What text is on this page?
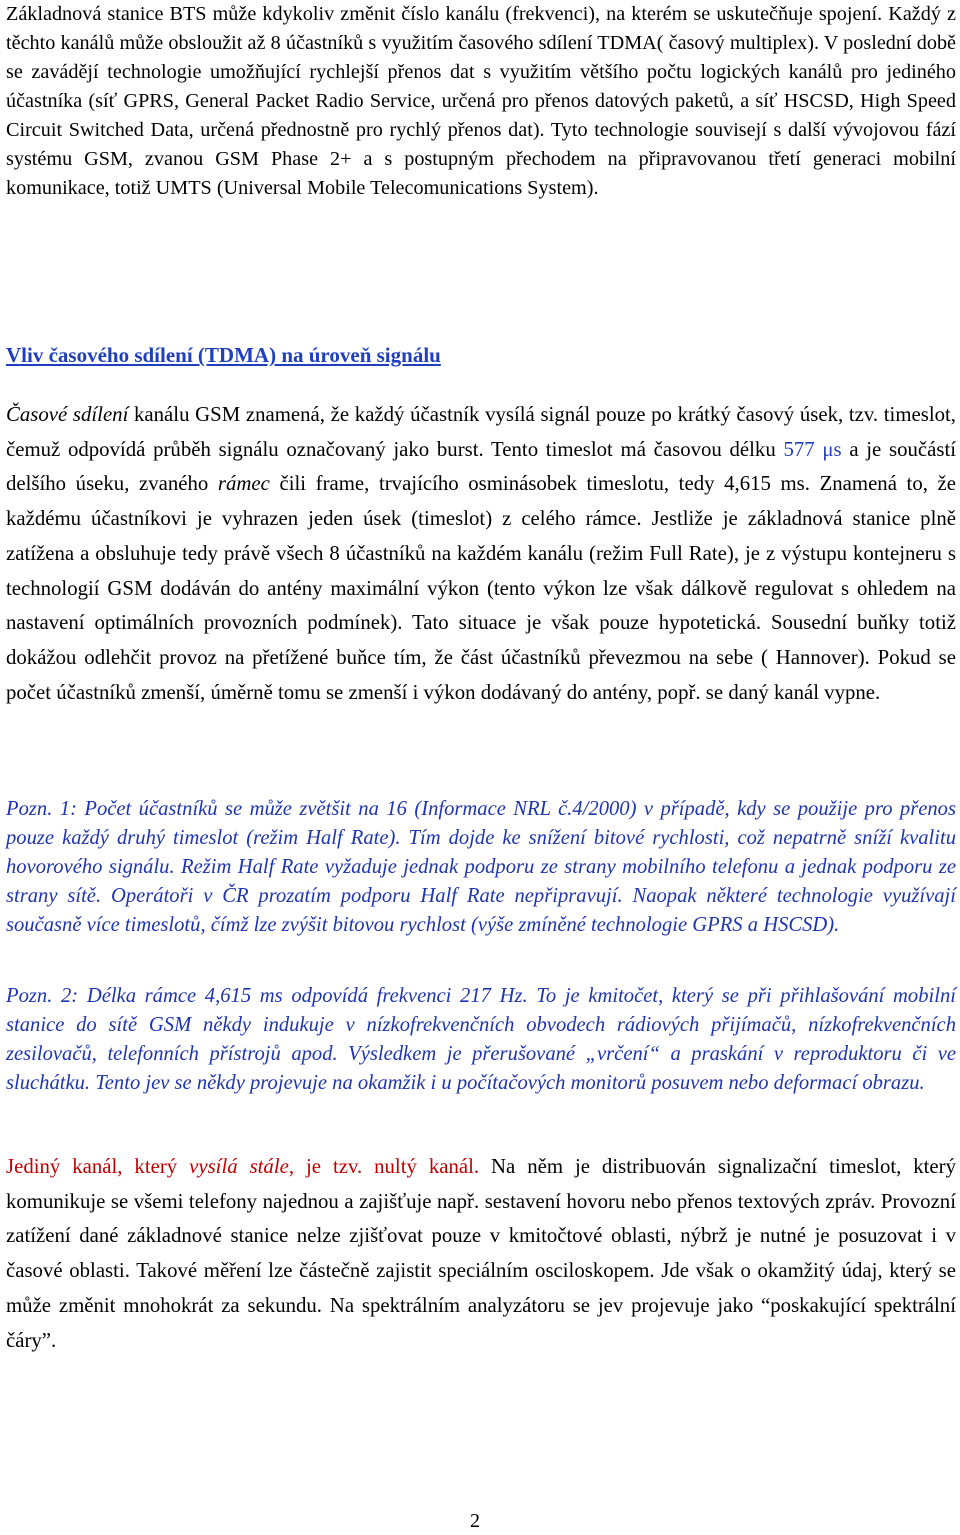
Základnová stanice BTS může kdykoliv změnit číslo kanálu (frekvenci), na kterém se uskutečňuje spojení. Každý z těchto kanálů může obsloužit až 8 účastníků s využitím časového sdílení TDMA( časový multiplex). V poslední době se zavádějí technologie umožňující rychlejší přenos dat s využitím většího počtu logických kanálů pro jediného účastníka (síť GPRS, General Packet Radio Service, určená pro přenos datových paketů, a síť HSCSD, High Speed Circuit Switched Data, určená přednostně pro rychlý přenos dat). Tyto technologie souvisejí s další vývojovou fází systému GSM, zvanou GSM Phase 2+ a s postupným přechodem na připravovanou třetí generaci mobilní komunikace, totiž UMTS (Universal Mobile Telecomunications System).

Vliv časového sdílení (TDMA) na úroveň signálu

Časové sdílení kanálu GSM znamená, že každý účastník vysílá signál pouze po krátký časový úsek, tzv. timeslot, čemuž odpovídá průběh signálu označovaný jako burst. Tento timeslot má časovou délku 577 μs a je součástí delšího úseku, zvaného rámec čili frame, trvajícího osminásobek timeslotu, tedy 4,615 ms. Znamená to, že každému účastníkovi je vyhrazen jeden úsek (timeslot) z celého rámce. Jestliže je základnová stanice plně zatížena a obsluhuje tedy právě všech 8 účastníků na každém kanálu (režim Full Rate), je z výstupu kontejneru s technologií GSM dodáván do antény maximální výkon (tento výkon lze však dálkově regulovat s ohledem na nastavení optimálních provozních podmínek). Tato situace je však pouze hypotetická. Sousední buňky totiž dokážou odlehčit provoz na přetížené buňce tím, že část účastníků převezmou na sebe ( Hannover). Pokud se počet účastníků zmenší, úměrně tomu se zmenší i výkon dodávaný do antény, popř. se daný kanál vypne.

Pozn. 1: Počet účastníků se může zvětšit na 16 (Informace NRL č.4/2000) v případě, kdy se použije pro přenos pouze každý druhý timeslot (režim Half Rate). Tím dojde ke snížení bitové rychlosti, což nepatrně sníží kvalitu hovorového signálu. Režim Half Rate vyžaduje jednak podporu ze strany mobilního telefonu a jednak podporu ze strany sítě. Operátoři v ČR prozatím podporu Half Rate nepřipravují. Naopak některé technologie využívají současně více timeslotů, čímž lze zvýšit bitovou rychlost (výše zmíněné technologie GPRS a HSCSD).

Pozn. 2: Délka rámce 4,615 ms odpovídá frekvenci 217 Hz. To je kmitočet, který se při přihlašování mobilní stanice do sítě GSM někdy indukuje v nízkofrekvenčních obvodech rádiových přijímačů, nízkofrekvenčních zesilovačů, telefonních přístrojů apod. Výsledkem je přerušované „vrčení“ a praskání v reproduktoru či ve sluchátku. Tento jev se někdy projevuje na okamžik i u počítačových monitorů posuvem nebo deformací obrazu.

Jediný kanál, který vysílá stále, je tzv. nultý kanál. Na něm je distribuován signalizační timeslot, který komunikuje se všemi telefony najednou a zajišťuje např. sestavení hovoru nebo přenos textových zpráv. Provozní zatížení dané základnové stanice nelze zjišťovat pouze v kmitočtové oblasti, nýbrž je nutné je posuzovat i v časové oblasti. Takové měření lze částečně zajistit speciálním osciloskopem. Jde však o okamžitý údaj, který se může změnit mnohokrát za sekundu. Na spektrálním analyzátoru se jev projevuje jako “poskakující spektrální čáry”.

2
